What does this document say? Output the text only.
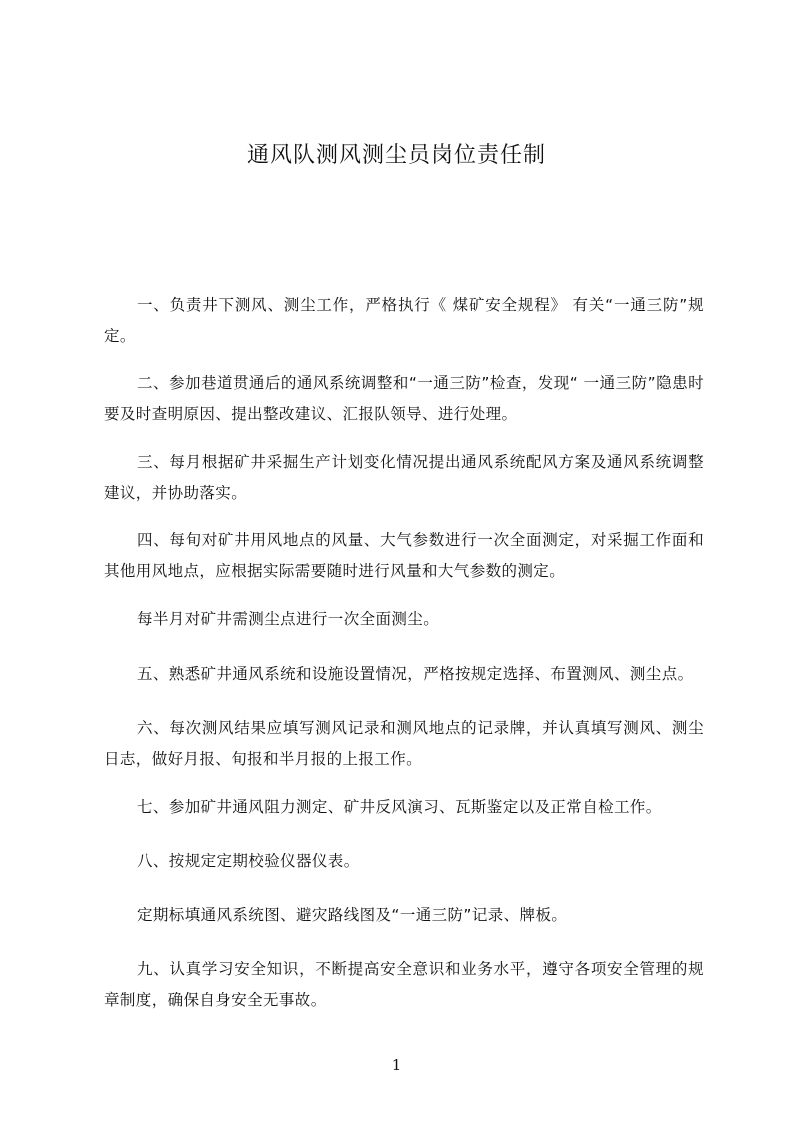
通风队测风测尘员岗位责任制
一、负责井下测风、测尘工作，严格执行《 煤矿安全规程》 有关“一通三防”规定。
二、参加巷道贯通后的通风系统调整和“一通三防”检查，发现“ 一通三防”隐患时要及时查明原因、提出整改建议、汇报队领导、进行处理。
三、每月根据矿井采掘生产计划变化情况提出通风系统配风方案及通风系统调整建议，并协助落实。
四、每旬对矿井用风地点的风量、大气参数进行一次全面测定，对采掘工作面和其他用风地点，应根据实际需要随时进行风量和大气参数的测定。
每半月对矿井需测尘点进行一次全面测尘。
五、熟悉矿井通风系统和设施设置情况，严格按规定选择、布置测风、测尘点。
六、每次测风结果应填写测风记录和测风地点的记录牌，并认真填写测风、测尘日志，做好月报、旬报和半月报的上报工作。
七、参加矿井通风阻力测定、矿井反风演习、瓦斯鉴定以及正常自检工作。
八、按规定定期校验仪器仪表。
定期标填通风系统图、避灾路线图及“一通三防”记录、牌板。
九、认真学习安全知识，不断提高安全意识和业务水平，遵守各项安全管理的规章制度，确保自身安全无事故。
1
